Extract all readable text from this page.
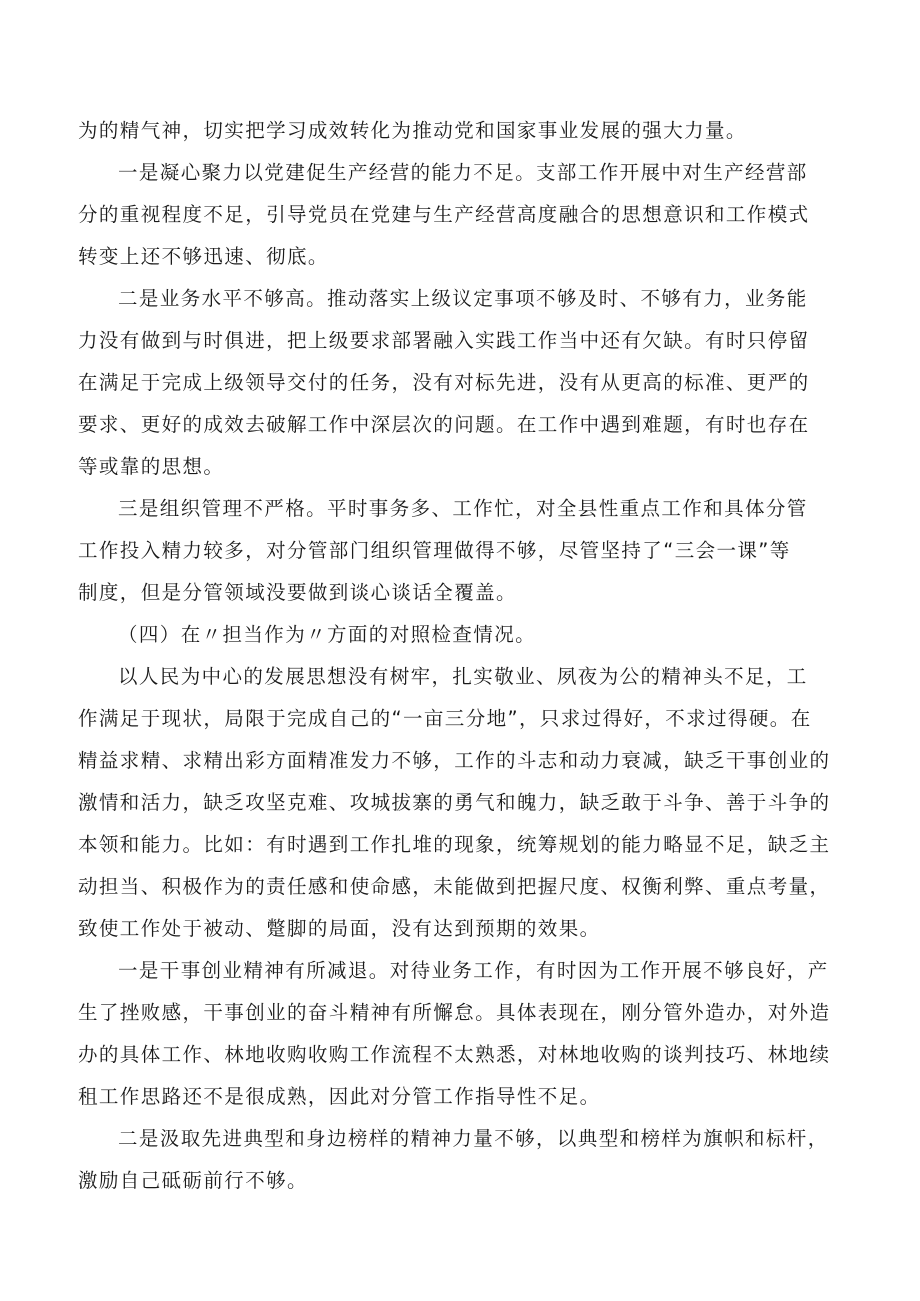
为的精气神，切实把学习成效转化为推动党和国家事业发展的强大力量。
一是凝心聚力以党建促生产经营的能力不足。支部工作开展中对生产经营部
分的重视程度不足，引导党员在党建与生产经营高度融合的思想意识和工作模式
转变上还不够迅速、彻底。
二是业务水平不够高。推动落实上级议定事项不够及时、不够有力，业务能
力没有做到与时俱进，把上级要求部署融入实践工作当中还有欠缺。有时只停留
在满足于完成上级领导交付的任务，没有对标先进，没有从更高的标准、更严的
要求、更好的成效去破解工作中深层次的问题。在工作中遇到难题，有时也存在
等或靠的思想。
三是组织管理不严格。平时事务多、工作忙，对全县性重点工作和具体分管
工作投入精力较多，对分管部门组织管理做得不够，尽管坚持了“三会一课”等
制度，但是分管领域没要做到谈心谈话全覆盖。
（四）在〃担当作为〃方面的对照检查情况。
以人民为中心的发展思想没有树牢，扎实敬业、夙夜为公的精神头不足，工
作满足于现状，局限于完成自己的“一亩三分地”，只求过得好，不求过得硬。在
精益求精、求精出彩方面精准发力不够，工作的斗志和动力衰减，缺乏干事创业的
激情和活力，缺乏攻坚克难、攻城拔寨的勇气和魄力，缺乏敢于斗争、善于斗争的
本领和能力。比如：有时遇到工作扎堆的现象，统筹规划的能力略显不足，缺乏主
动担当、积极作为的责任感和使命感，未能做到把握尺度、权衡利弊、重点考量，
致使工作处于被动、蹩脚的局面，没有达到预期的效果。
一是干事创业精神有所减退。对待业务工作，有时因为工作开展不够良好，产
生了挫败感，干事创业的奋斗精神有所懈怠。具体表现在，刚分管外造办，对外造
办的具体工作、林地收购收购工作流程不太熟悉，对林地收购的谈判技巧、林地续
租工作思路还不是很成熟，因此对分管工作指导性不足。
二是汲取先进典型和身边榜样的精神力量不够，以典型和榜样为旗帜和标杆，
激励自己砥砺前行不够。
